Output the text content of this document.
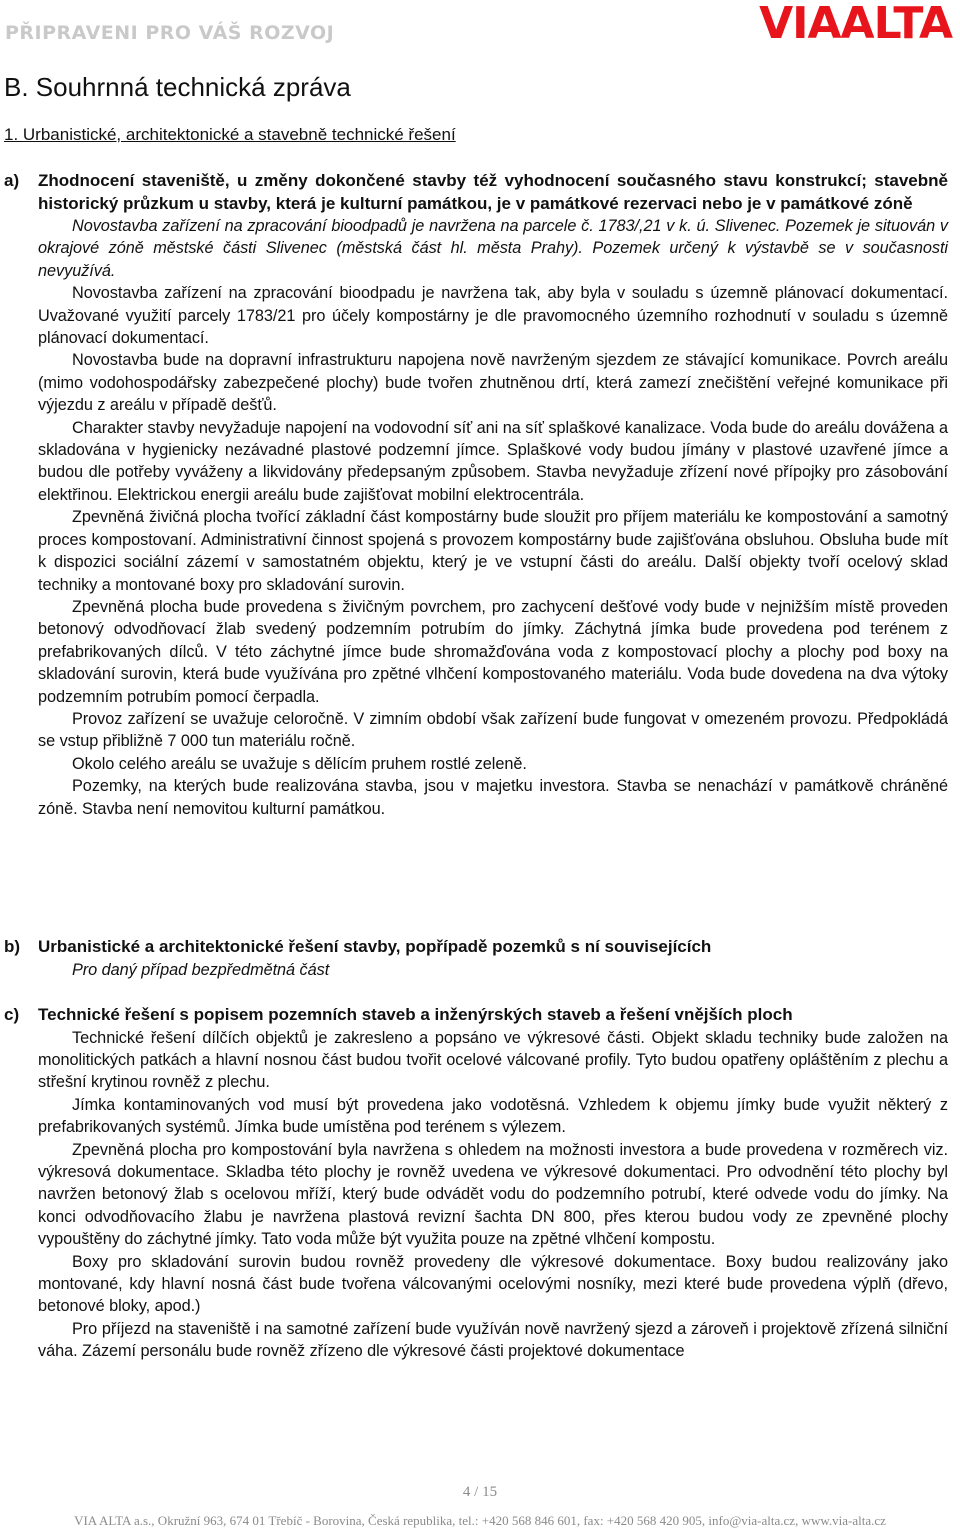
PŘIPRAVENI PRO VÁŠ ROZVOJ	VIAALTA
B. Souhrnná technická zpráva
1. Urbanistické, architektonické a stavebně technické řešení
a) Zhodnocení staveniště, u změny dokončené stavby též vyhodnocení současného stavu konstrukcí; stavebně historický průzkum u stavby, která je kulturní památkou, je v památkové rezervaci nebo je v památkové zóně

Novostavba zařízení na zpracování bioodpadů je navržena na parcele č. 1783/,21 v k. ú. Slivenec. Pozemek je situován v okrajové zóně městské části Slivenec (městská část hl. města Prahy). Pozemek určený k výstavbě se v současnosti nevyužívá.

Novostavba zařízení na zpracování bioodpadu je navržena tak, aby byla v souladu s územně plánovací dokumentací. Uvažované využití parcely 1783/21 pro účely kompostárny je dle pravomocného územního rozhodnutí v souladu s územně plánovací dokumentací.

Novostavba bude na dopravní infrastrukturu napojena nově navrženým sjezdem ze stávající komunikace. Povrch areálu (mimo vodohospodářsky zabezpečené plochy) bude tvořen zhutněnou drtí, která zamezí znečištění veřejné komunikace při výjezdu z areálu v případě dešťů.

Charakter stavby nevyžaduje napojení na vodovodní síť ani na síť splaškové kanalizace. Voda bude do areálu dovážena a skladována v hygienicky nezávadné plastové podzemní jímce. Splaškové vody budou jímány v plastové uzavřené jímce a budou dle potřeby vyváženy a likvidovány předepsaným způsobem. Stavba nevyžaduje zřízení nové přípojky pro zásobování elektřinou. Elektrickou energii areálu bude zajišťovat mobilní elektrocentrála.

Zpevněná živičná plocha tvořící základní část kompostárny bude sloužit pro příjem materiálu ke kompostování a samotný proces kompostovaní. Administrativní činnost spojená s provozem kompostárny bude zajišťována obsluhou. Obsluha bude mít k dispozici sociální zázemí v samostatném objektu, který je ve vstupní části do areálu. Další objekty tvoří ocelový sklad techniky a montované boxy pro skladování surovin.

Zpevněná plocha bude provedena s živičným povrchem, pro zachycení dešťové vody bude v nejnižším místě proveden betonový odvodňovací žlab svedený podzemním potrubím do jímky. Záchytná jímka bude provedena pod terénem z prefabrikovaných dílců. V této záchytné jímce bude shromažďována voda z kompostovací plochy a plochy pod boxy na skladování surovin, která bude využívána pro zpětné vlhčení kompostovaného materiálu. Voda bude dovedena na dva výtoky podzemním potrubím pomocí čerpadla.

Provoz zařízení se uvažuje celoročně. V zimním období však zařízení bude fungovat v omezeném provozu. Předpokládá se vstup přibližně 7 000 tun materiálu ročně.

Okolo celého areálu se uvažuje s dělícím pruhem rostlé zeleně.

Pozemky, na kterých bude realizována stavba, jsou v majetku investora. Stavba se nenachází v památkově chráněné zóně. Stavba není nemovitou kulturní památkou.

b) Urbanistické a architektonické řešení stavby, popřípadě pozemků s ní souvisejících

Pro daný případ bezpředmětná část

c) Technické řešení s popisem pozemních staveb a inženýrských staveb a řešení vnějších ploch

Technické řešení dílčích objektů je zakresleno a popsáno ve výkresové části. Objekt skladu techniky bude založen na monolitických patkách a hlavní nosnou část budou tvořit ocelové válcované profily. Tyto budou opatřeny opláštěním z plechu a střešní krytinou rovněž z plechu.

Jímka kontaminovaných vod musí být provedena jako vodotěsná. Vzhledem k objemu jímky bude využit některý z prefabrikovaných systémů. Jímka bude umístěna pod terénem s výlezem.

Zpevněná plocha pro kompostování byla navržena s ohledem na možnosti investora a bude provedena v rozměrech viz. výkresová dokumentace. Skladba této plochy je rovněž uvedena ve výkresové dokumentaci. Pro odvodnění této plochy byl navržen betonový žlab s ocelovou mříží, který bude odvádět vodu do podzemního potrubí, které odvede vodu do jímky. Na konci odvodňovacího žlabu je navržena plastová revizní šachta DN 800, přes kterou budou vody ze zpevněné plochy vypouštěny do záchytné jímky. Tato voda může být využita pouze na zpětné vlhčení kompostu.

Boxy pro skladování surovin budou rovněž provedeny dle výkresové dokumentace. Boxy budou realizovány jako montované, kdy hlavní nosná část bude tvořena válcovanými ocelovými nosníky, mezi které bude provedena výplň (dřevo, betonové bloky, apod.)

Pro příjezd na staveniště i na samotné zařízení bude využíván nově navržený sjezd a zároveň i projektově zřízená silniční váha. Zázemí personálu bude rovněž zřízeno dle výkresové části projektové dokumentace

4 / 15
VIA ALTA a.s., Okružní 963, 674 01 Třebíč - Borovina, Česká republika, tel.: +420 568 846 601, fax: +420 568 420 905, info@via-alta.cz, www.via-alta.cz
